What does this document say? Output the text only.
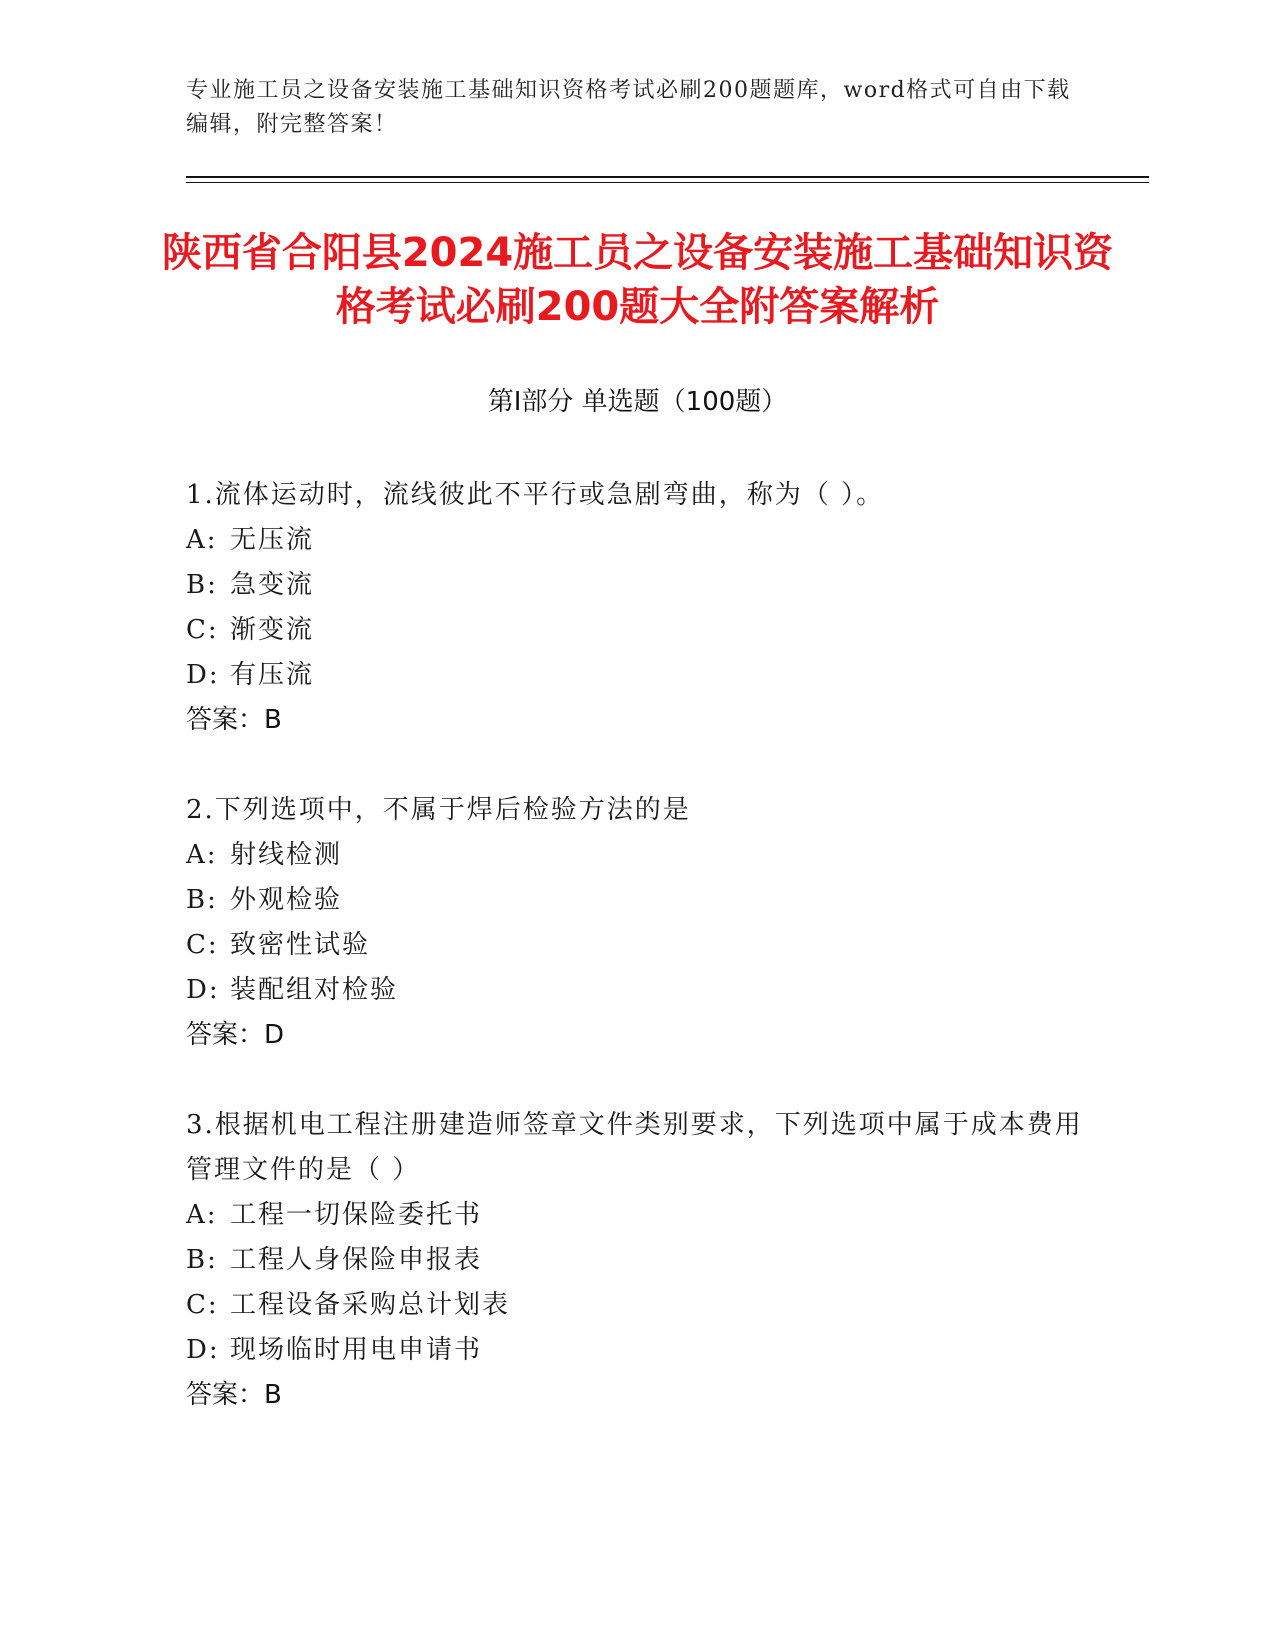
专业施工员之设备安装施工基础知识资格考试必刷200题题库，word格式可自由下载编辑，附完整答案！
陕西省合阳县2024施工员之设备安装施工基础知识资格考试必刷200题大全附答案解析
第Ⅰ部分 单选题（100题）
1.流体运动时，流线彼此不平行或急剧弯曲，称为（ ）。
A: 无压流
B: 急变流
C: 渐变流
D: 有压流
答案：B
2.下列选项中，不属于焊后检验方法的是
A: 射线检测
B: 外观检验
C: 致密性试验
D: 装配组对检验
答案：D
3.根据机电工程注册建造师签章文件类别要求，下列选项中属于成本费用管理文件的是（ ）
A: 工程一切保险委托书
B: 工程人身保险申报表
C: 工程设备采购总计划表
D: 现场临时用电申请书
答案：B
